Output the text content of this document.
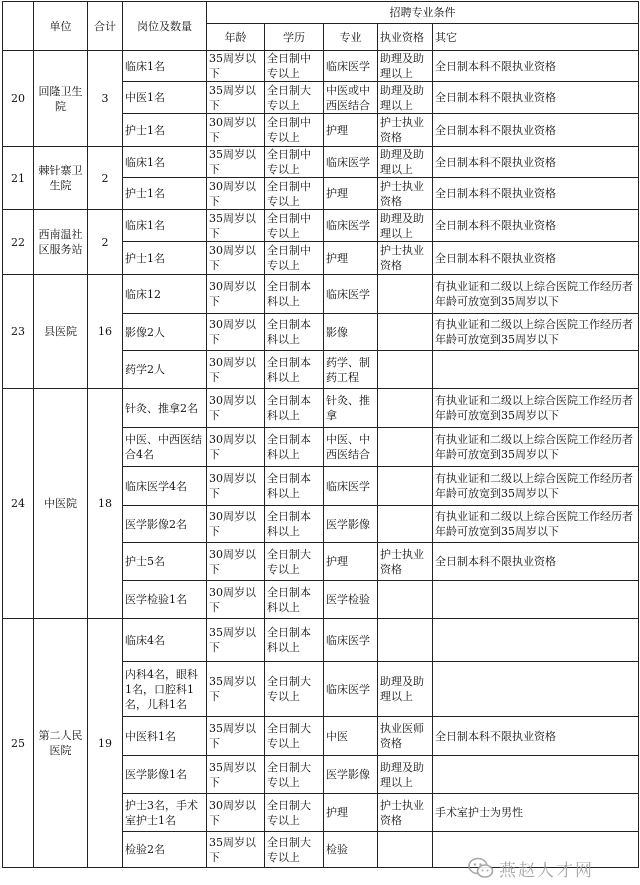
	单位	合计	岗位及数量	招聘专业条件				
				年龄	学历	专业	执业资格	其它
20	回隆卫生院	3	临床1名	35周岁以下	全日制中专以上	临床医学	助理及助理以上	全日制本科不限执业资格
			中医1名	35周岁以下	全日制大专以上	中医或中西医结合	助理及助理以上	全日制本科不限执业资格
			护士1名	30周岁以下	全日制中专以上	护理	护士执业资格	全日制本科不限执业资格
21	棘针寨卫生院	2	临床1名	35周岁以下	全日制中专以上	临床医学	助理及助理以上	全日制本科不限执业资格
			护士1名	30周岁以下	全日制中专以上	护理	护士执业资格	全日制本科不限执业资格
22	西南温社区服务站	2	临床1名	35周岁以下	全日制中专以上	临床医学	助理及助理以上	全日制本科不限执业资格
			护士1名	30周岁以下	全日制中专以上	护理	护士执业资格	全日制本科不限执业资格
23	县医院	16	临床12	30周岁以下	全日制本科以上	临床医学		有执业证和二级以上综合医院工作经历者年龄可放宽到35周岁以下
			影像2人	30周岁以下	全日制本科以上	影像		有执业证和二级以上综合医院工作经历者年龄可放宽到35周岁以下
			药学2人	30周岁以下	全日制本科以上	药学、制药工程		
24	中医院	18	针灸、推拿2名	30周岁以下	全日制本科以上	针灸、推拿		有执业证和二级以上综合医院工作经历者年龄可放宽到35周岁以下
			中医、中西医结合4名	30周岁以下	全日制本科以上	中医、中西医结合		有执业证和二级以上综合医院工作经历者年龄可放宽到35周岁以下
			临床医学4名	30周岁以下	全日制本科以上	临床医学		有执业证和二级以上综合医院工作经历者年龄可放宽到35周岁以下
			医学影像2名	30周岁以下	全日制本科以上	医学影像		有执业证和二级以上综合医院工作经历者年龄可放宽到35周岁以下
			护士5名	30周岁以下	全日制大专以上	护理	护士执业资格	全日制本科不限执业资格
			医学检验1名	30周岁以下	全日制本科以上	医学检验		
25	第二人民医院	19	临床4名	35周岁以下	全日制本科以上	临床医学		
			内科4名，眼科1名，口腔科1名，儿科1名	35周岁以下	全日制大专以上	临床医学	助理及助理以上	
			中医科1名	35周岁以下	全日制大专以上	中医	执业医师资格	全日制本科不限执业资格
			医学影像1名	35周岁以下	全日制大专以上	医学影像	助理及助理以上	
			护士3名，手术室护士1名	30周岁以下	全日制大专以上	护理	护士执业资格	手术室护士为男性
			检验2名	35周岁以下	全日制大专以上	检验		
燕赵人才网
